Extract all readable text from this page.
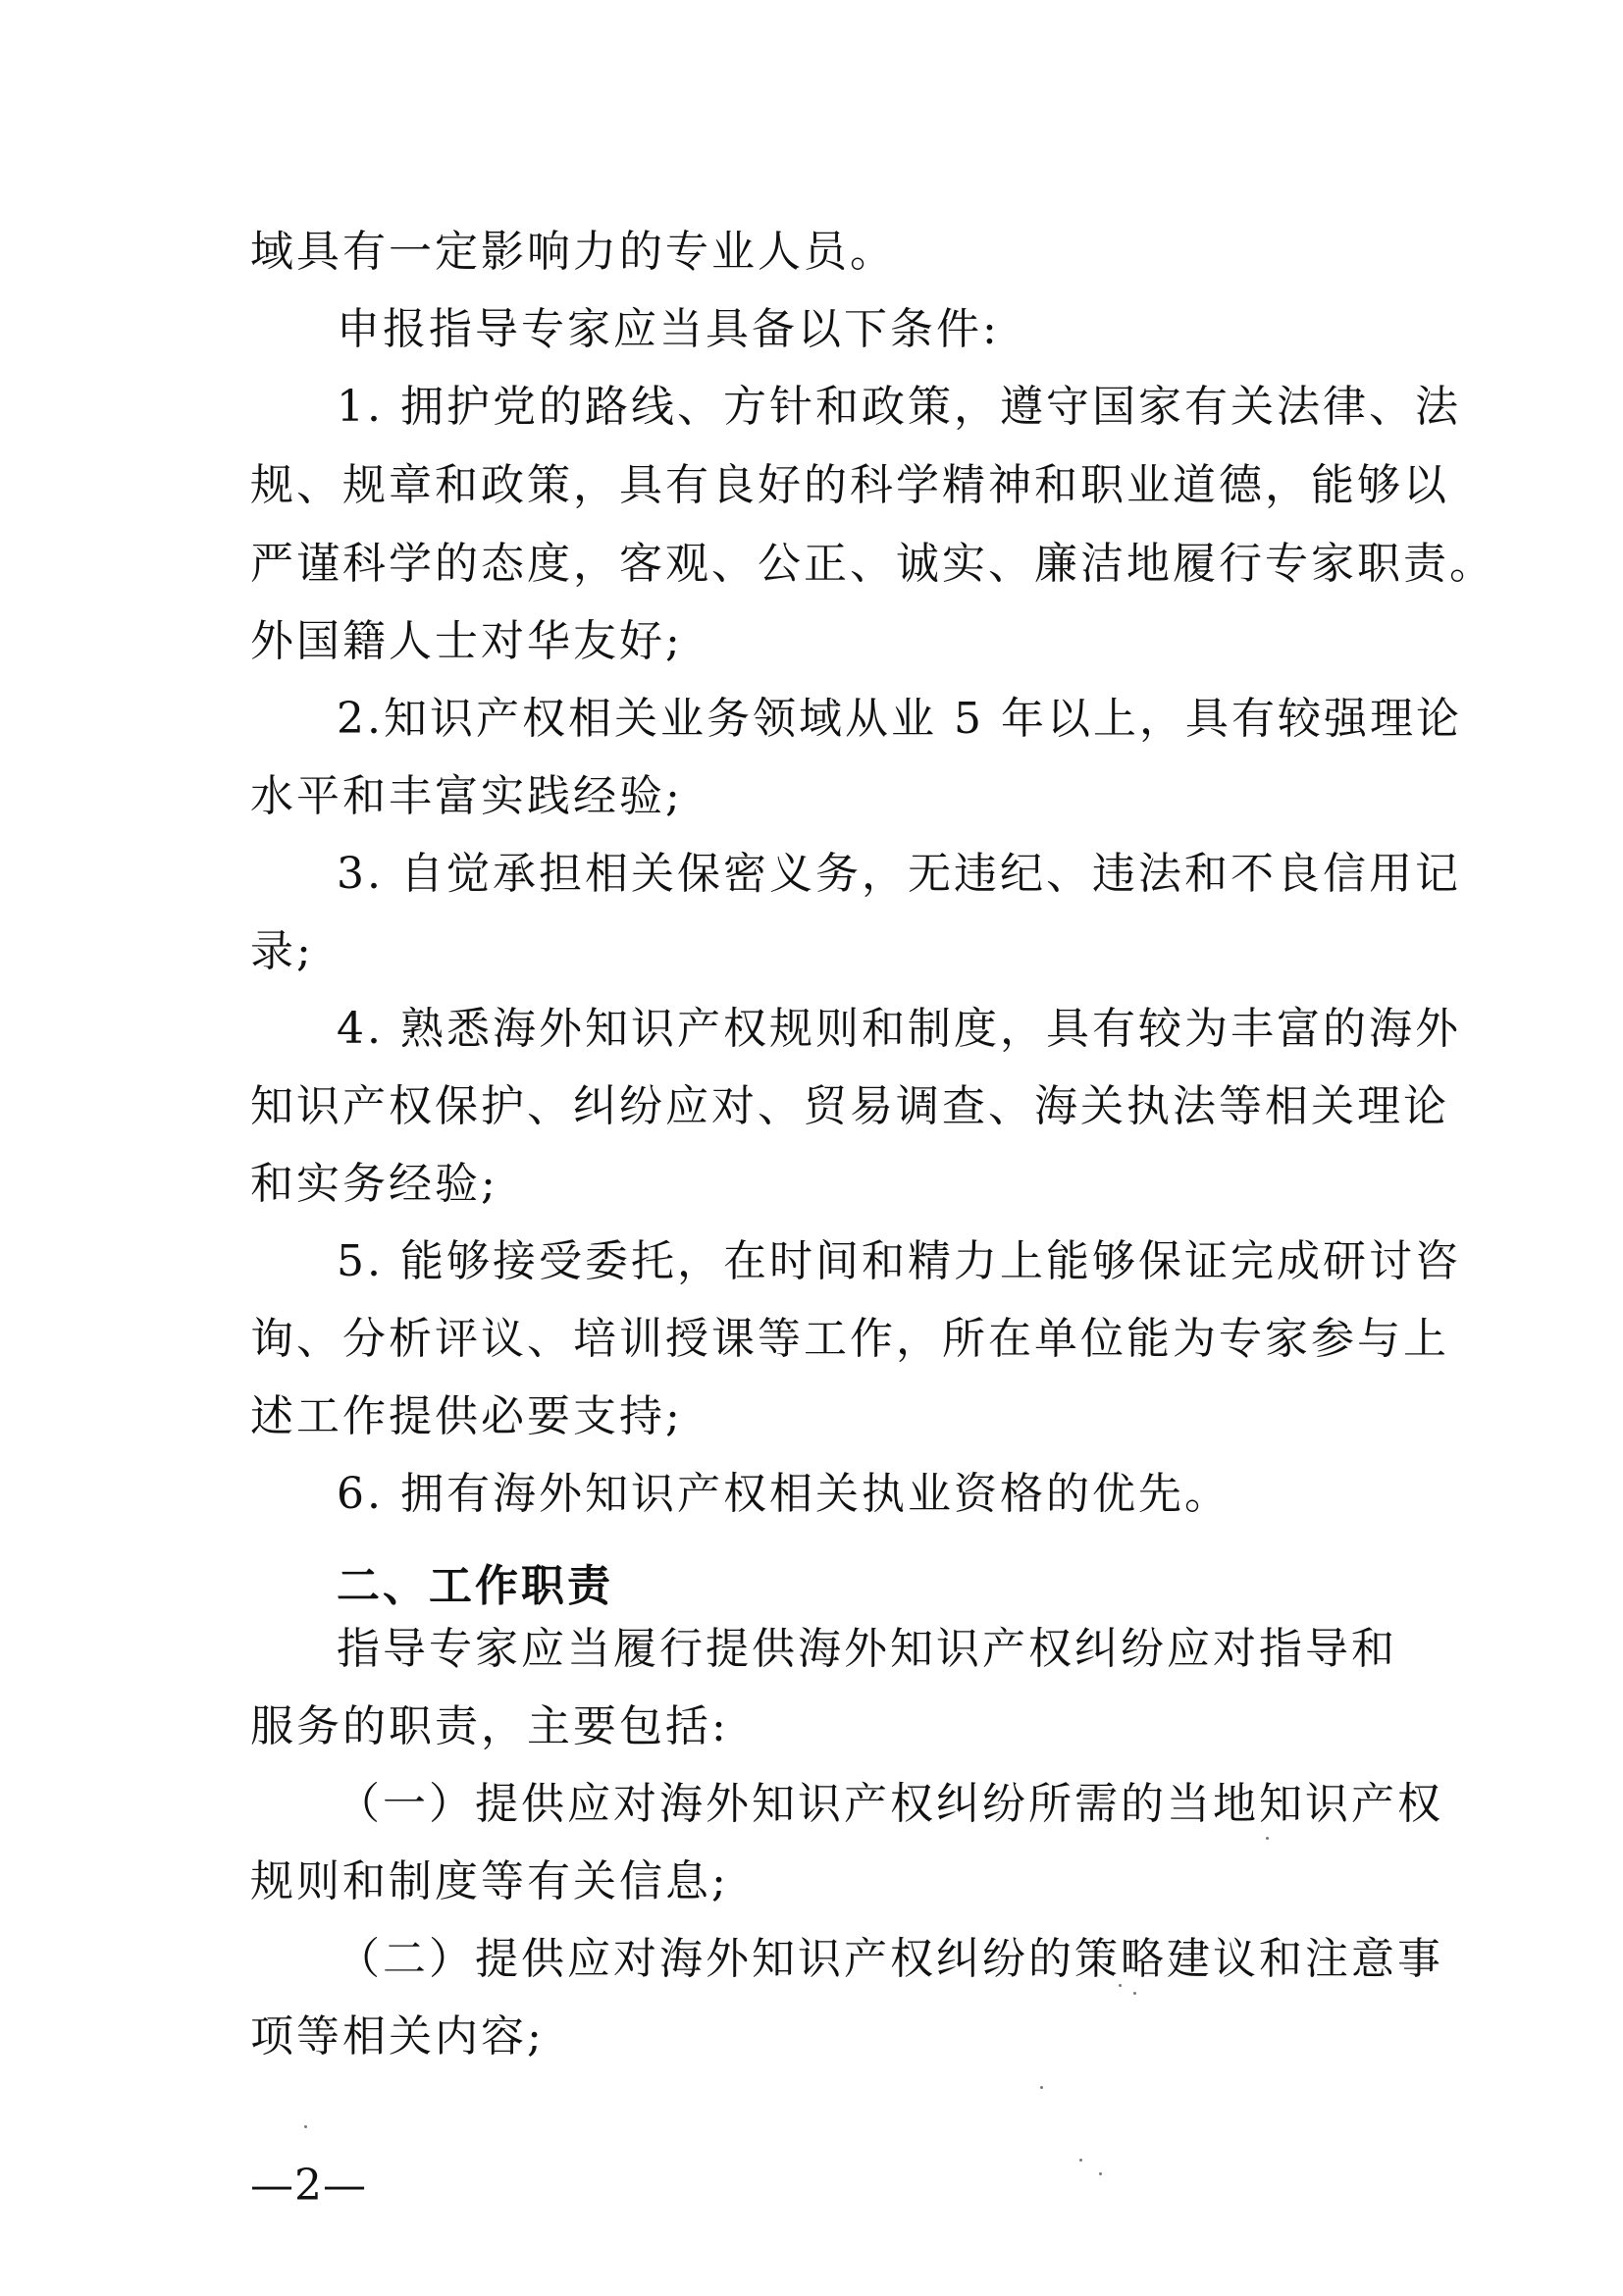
域具有一定影响力的专业人员。
申报指导专家应当具备以下条件:
1. 拥护党的路线、方针和政策，遵守国家有关法律、法
规、规章和政策，具有良好的科学精神和职业道德，能够以
严谨科学的态度，客观、公正、诚实、廉洁地履行专家职责。
外国籍人士对华友好;
2.知识产权相关业务领域从业 5 年以上，具有较强理论
水平和丰富实践经验;
3. 自觉承担相关保密义务，无违纪、违法和不良信用记
录;
4. 熟悉海外知识产权规则和制度，具有较为丰富的海外
知识产权保护、纠纷应对、贸易调查、海关执法等相关理论
和实务经验;
5. 能够接受委托，在时间和精力上能够保证完成研讨咨
询、分析评议、培训授课等工作，所在单位能为专家参与上
述工作提供必要支持;
6. 拥有海外知识产权相关执业资格的优先。
二、工作职责
指导专家应当履行提供海外知识产权纠纷应对指导和
服务的职责，主要包括:
（一）提供应对海外知识产权纠纷所需的当地知识产权
规则和制度等有关信息;
（二）提供应对海外知识产权纠纷的策略建议和注意事
项等相关内容;
—2—
